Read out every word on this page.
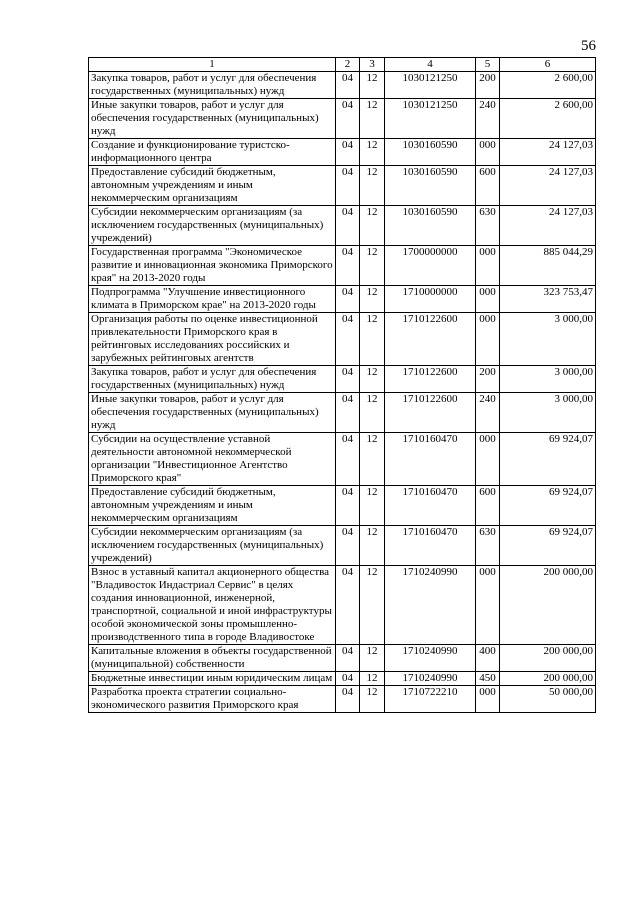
56
1	2	3	4	5	6
Закупка товаров, работ и услуг для обеспечения государственных (муниципальных) нужд	04	12	1030121250	200	2 600,00
Иные закупки товаров, работ и услуг для обеспечения государственных (муниципальных) нужд	04	12	1030121250	240	2 600,00
Создание и функционирование туристско-информационного центра	04	12	1030160590	000	24 127,03
Предоставление субсидий бюджетным, автономным учреждениям и иным некоммерческим организациям	04	12	1030160590	600	24 127,03
Субсидии некоммерческим организациям (за исключением государственных (муниципальных) учреждений)	04	12	1030160590	630	24 127,03
Государственная программа "Экономическое развитие и инновационная экономика Приморского края" на 2013-2020 годы	04	12	1700000000	000	885 044,29
Подпрограмма "Улучшение инвестиционного климата в Приморском крае" на 2013-2020 годы	04	12	1710000000	000	323 753,47
Организация работы по оценке инвестиционной привлекательности Приморского края в рейтинговых исследованиях российских и зарубежных рейтинговых агентств	04	12	1710122600	000	3 000,00
Закупка товаров, работ и услуг для обеспечения государственных (муниципальных) нужд	04	12	1710122600	200	3 000,00
Иные закупки товаров, работ и услуг для обеспечения государственных (муниципальных) нужд	04	12	1710122600	240	3 000,00
Субсидии на осуществление уставной деятельности автономной некоммерческой организации "Инвестиционное Агентство Приморского края"	04	12	1710160470	000	69 924,07
Предоставление субсидий бюджетным, автономным учреждениям и иным некоммерческим организациям	04	12	1710160470	600	69 924,07
Субсидии некоммерческим организациям (за исключением государственных (муниципальных) учреждений)	04	12	1710160470	630	69 924,07
Взнос в уставный капитал акционерного общества "Владивосток Индастриал Сервис" в целях создания инновационной, инженерной, транспортной, социальной и иной инфраструктуры особой экономической зоны промышленно-производственного типа в городе Владивостоке	04	12	1710240990	000	200 000,00
Капитальные вложения в объекты государственной (муниципальной) собственности	04	12	1710240990	400	200 000,00
Бюджетные инвестиции иным юридическим лицам	04	12	1710240990	450	200 000,00
Разработка проекта стратегии социально-экономического развития Приморского края	04	12	1710722210	000	50 000,00
